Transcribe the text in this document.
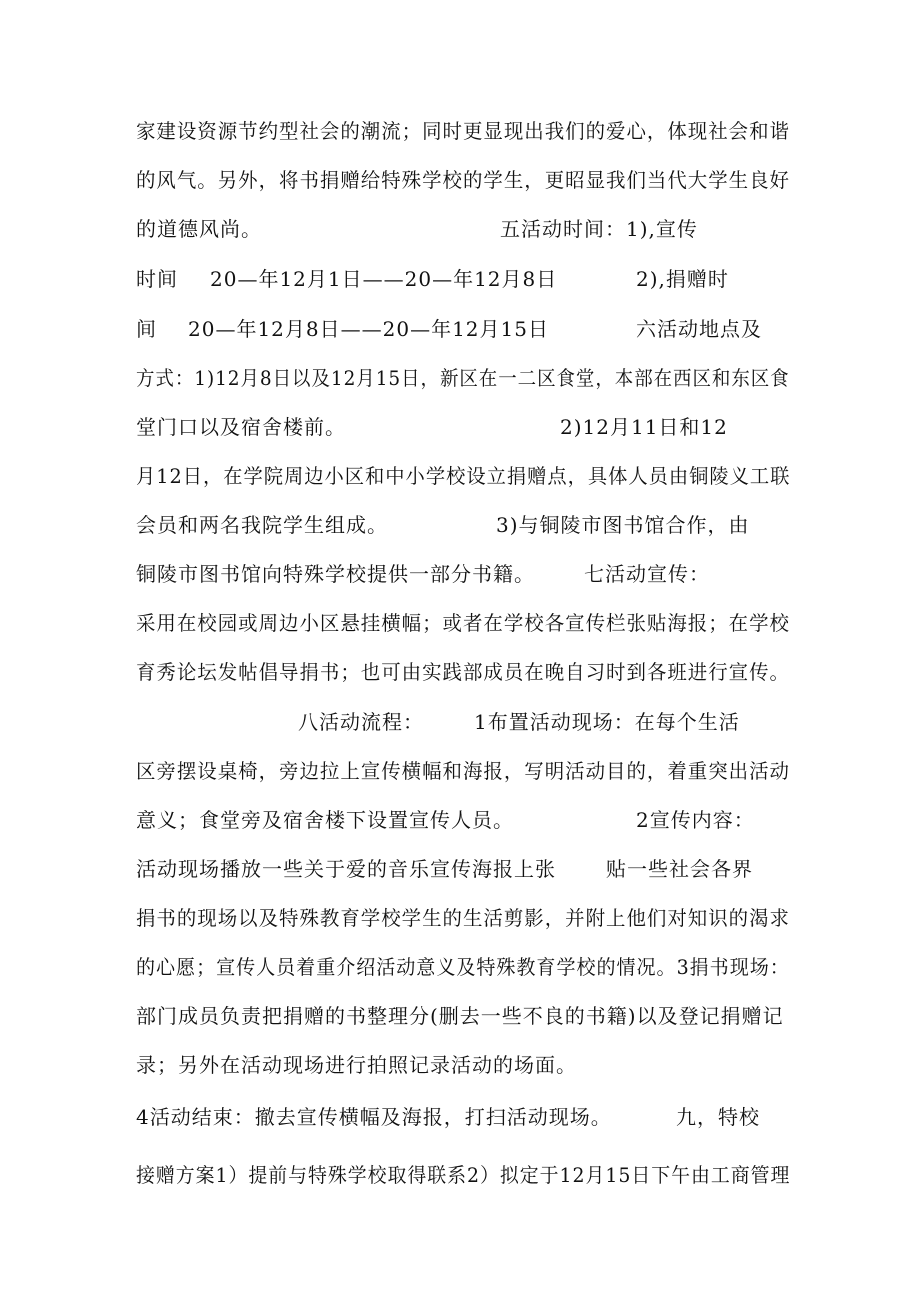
家建设资源节约型社会的潮流；同时更显现出我们的爱心，体现社会和谐
的风气。另外，将书捐赠给特殊学校的学生，更昭显我们当代大学生良好
的道德风尚。	五活动时间：1),宣传
时间 20—年12月1日——20—年12月8日	2),捐赠时
间 20—年12月8日——20—年12月15日	六活动地点及
方式：1)12月8日以及12月15日，新区在一二区食堂，本部在西区和东区食
堂门口以及宿舍楼前。	2)12月11日和12
月12日，在学院周边小区和中小学校设立捐赠点，具体人员由铜陵义工联
会员和两名我院学生组成。	3)与铜陵市图书馆合作，由
铜陵市图书馆向特殊学校提供一部分书籍。 七活动宣传：
采用在校园或周边小区悬挂横幅；或者在学校各宣传栏张贴海报；在学校
育秀论坛发帖倡导捐书；也可由实践部成员在晚自习时到各班进行宣传。
八活动流程：	1布置活动现场：在每个生活
区旁摆设桌椅，旁边拉上宣传横幅和海报，写明活动目的，着重突出活动
意义；食堂旁及宿舍楼下设置宣传人员。	2宣传内容：
活动现场播放一些关于爱的音乐宣传海报上张	贴一些社会各界
捐书的现场以及特殊教育学校学生的生活剪影，并附上他们对知识的渴求
的心愿；宣传人员着重介绍活动意义及特殊教育学校的情况。3捐书现场：
部门成员负责把捐赠的书整理分(删去一些不良的书籍)以及登记捐赠记
录；另外在活动现场进行拍照记录活动的场面。
4活动结束：撤去宣传横幅及海报，打扫活动现场。	九，特校
接赠方案1）提前与特殊学校取得联系2）拟定于12月15日下午由工商管理
